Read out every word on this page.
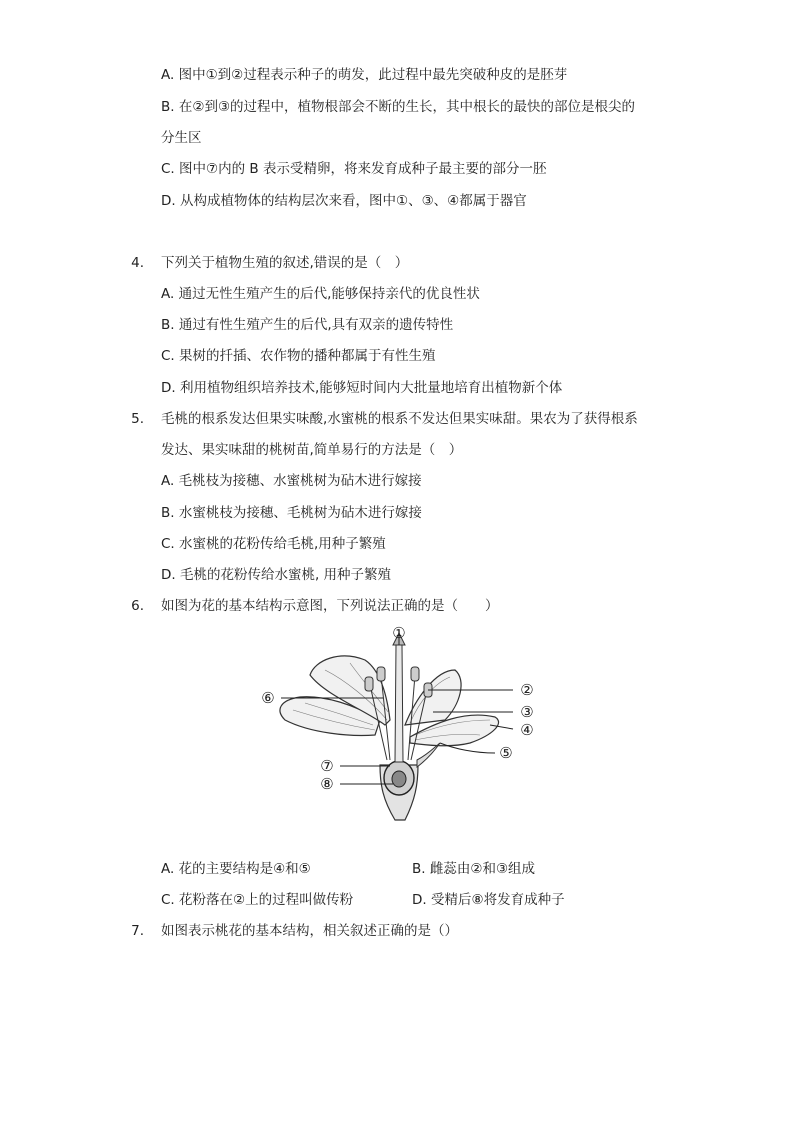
A. 图中①到②过程表示种子的萌发，此过程中最先突破种皮的是胚芽
B. 在②到③的过程中，植物根部会不断的生长，其中根长的最快的部位是根尖的
分生区
C. 图中⑦内的 B 表示受精卵，将来发育成种子最主要的部分一胚
D. 从构成植物体的结构层次来看，图中①、③、④都属于器官
4. 下列关于植物生殖的叙述,错误的是（　）
A. 通过无性生殖产生的后代,能够保持亲代的优良性状
B. 通过有性生殖产生的后代,具有双亲的遗传特性
C. 果树的扦插、农作物的播种都属于有性生殖
D. 利用植物组织培养技术,能够短时间内大批量地培育出植物新个体
5. 毛桃的根系发达但果实味酸,水蜜桃的根系不发达但果实味甜。果农为了获得根系
发达、果实味甜的桃树苗,简单易行的方法是（　）
A. 毛桃枝为接穗、水蜜桃树为砧木进行嫁接
B. 水蜜桃枝为接穗、毛桃树为砧木进行嫁接
C. 水蜜桃的花粉传给毛桃,用种子繁殖
D. 毛桃的花粉传给水蜜桃, 用种子繁殖
6. 如图为花的基本结构示意图，下列说法正确的是（　　）
①
②
③
④
⑤
⑥
⑦
⑧
A. 花的主要结构是④和⑤	B. 雌蕊由②和③组成
C. 花粉落在②上的过程叫做传粉	D. 受精后⑧将发育成种子
7. 如图表示桃花的基本结构，相关叙述正确的是（）
